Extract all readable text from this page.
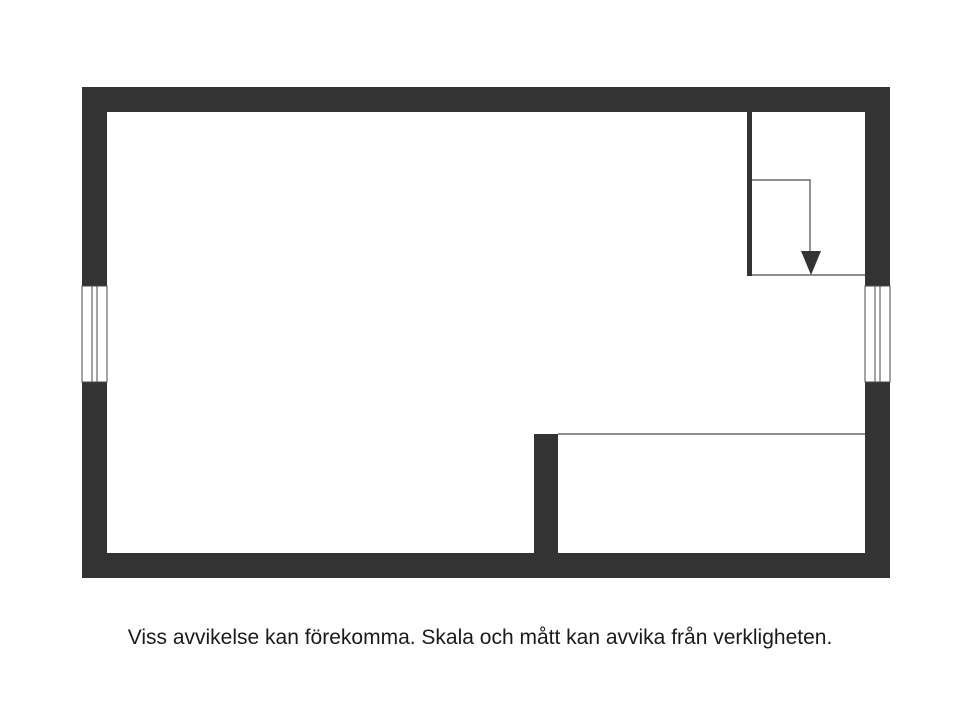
Viss avvikelse kan förekomma. Skala och mått kan avvika från verkligheten.
